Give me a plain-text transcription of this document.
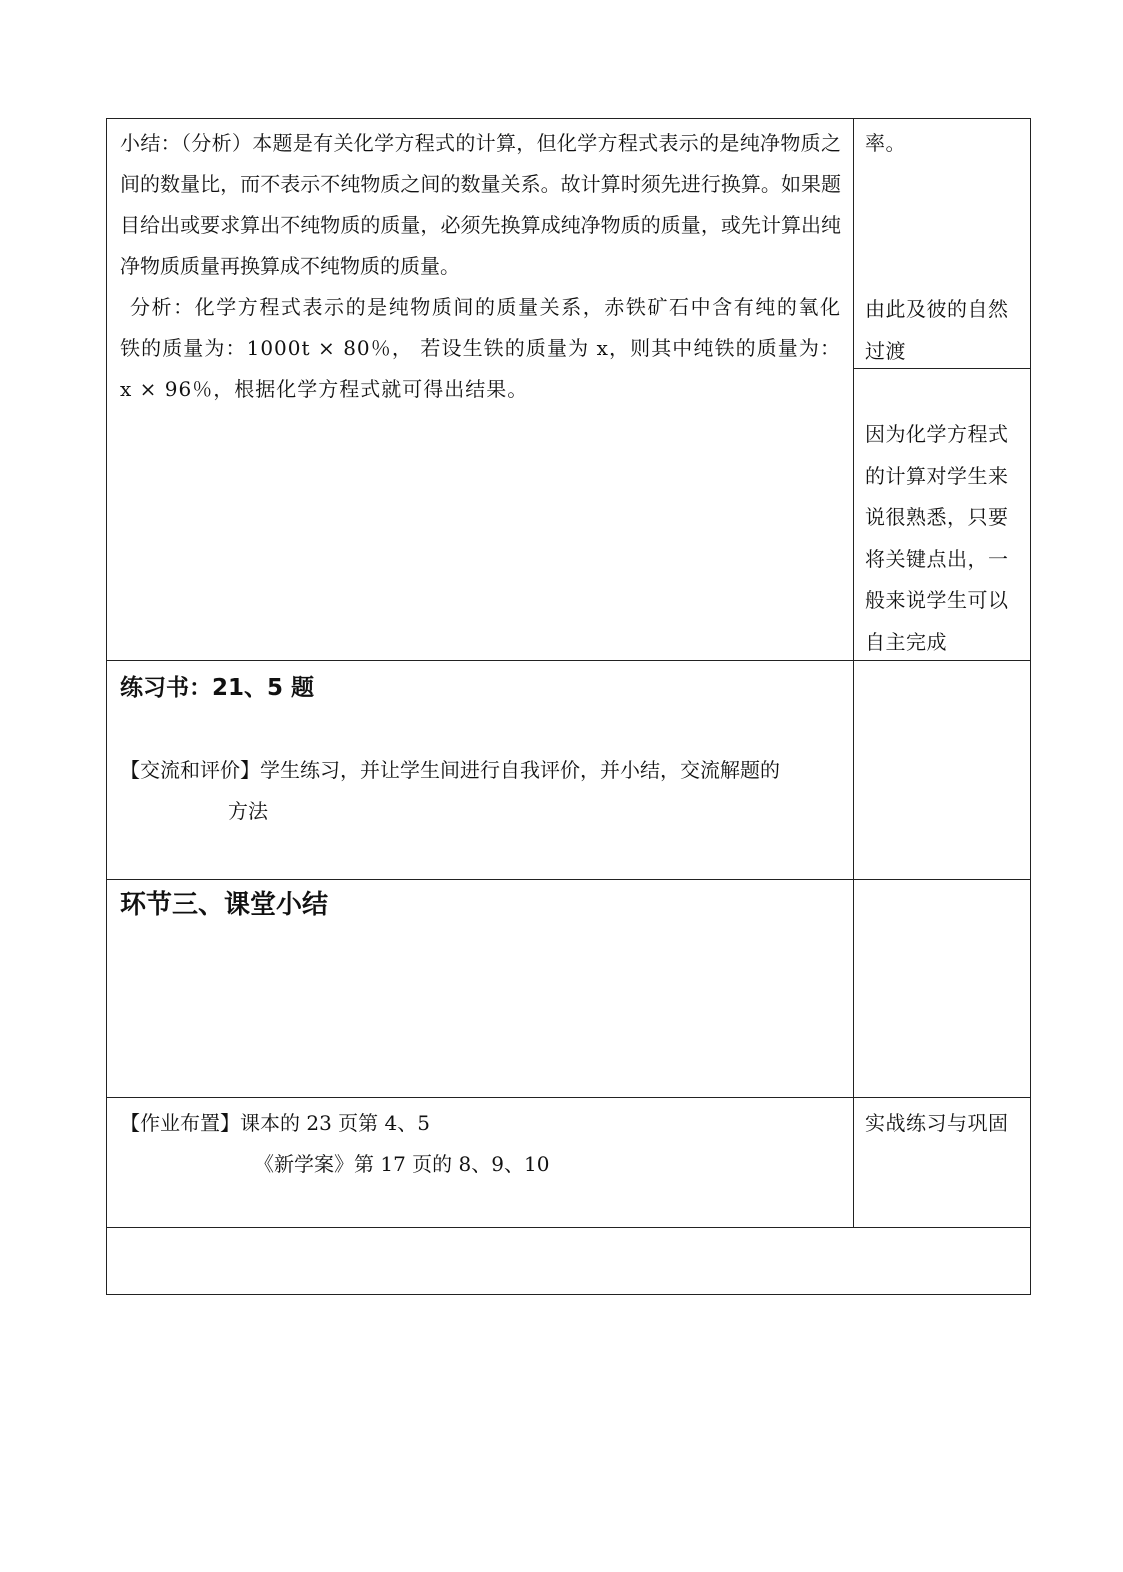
小结：（分析）本题是有关化学方程式的计算，但化学方程式表示的是纯净物质之间的数量比，而不表示不纯物质之间的数量关系。故计算时须先进行换算。如果题目给出或要求算出不纯物质的质量，必须先换算成纯净物质的质量，或先计算出纯净物质质量再换算成不纯物质的质量。

分析：化学方程式表示的是纯物质间的质量关系，赤铁矿石中含有纯的氧化铁的质量为：1000t × 80％， 若设生铁的质量为 x，则其中纯铁的质量为：x × 96％，根据化学方程式就可得出结果。

率。

由此及彼的自然过渡

因为化学方程式的计算对学生来说很熟悉，只要将关键点出，一般来说学生可以自主完成

练习书：21、5 题

【交流和评价】学生练习，并让学生间进行自我评价，并小结，交流解题的

方法

环节三、课堂小结

【作业布置】课本的 23 页第 4、5

《新学案》第 17 页的 8、9、10

实战练习与巩固
